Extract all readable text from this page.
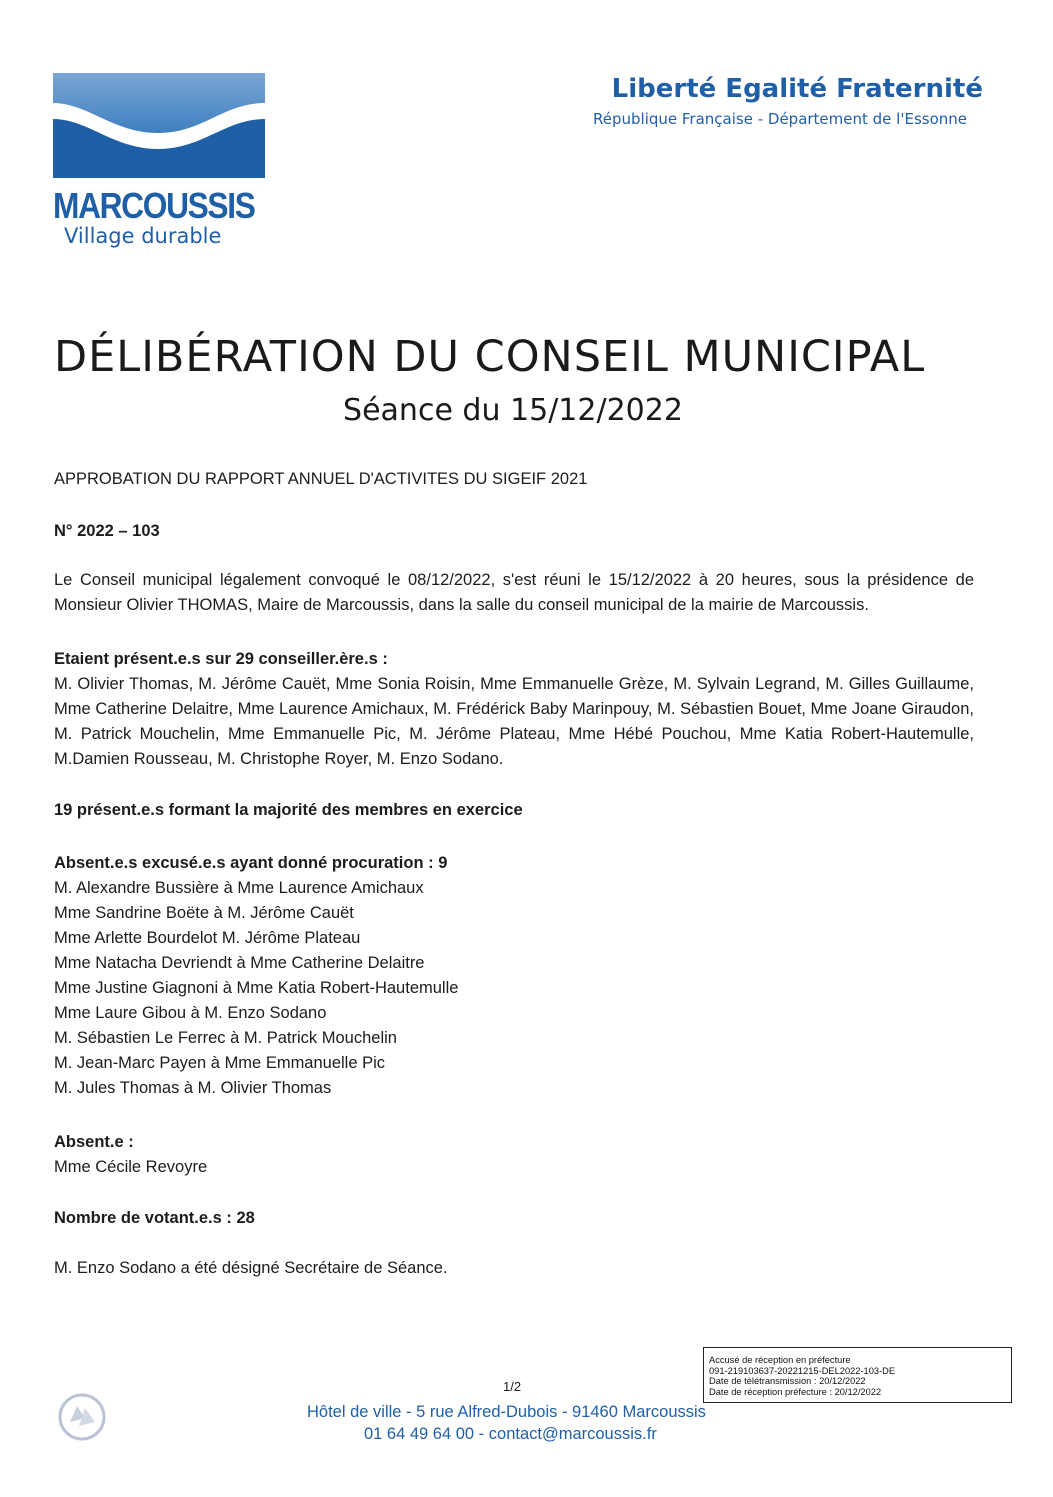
MARCOUSSIS
Village durable
Liberté Egalité Fraternité
République Française - Département de l'Essonne
DÉLIBÉRATION DU CONSEIL MUNICIPAL
Séance du 15/12/2022
APPROBATION DU RAPPORT ANNUEL D'ACTIVITES DU SIGEIF 2021
N° 2022 – 103
Le Conseil municipal légalement convoqué le 08/12/2022, s'est réuni le 15/12/2022 à 20 heures, sous la présidence de Monsieur Olivier THOMAS, Maire de Marcoussis, dans la salle du conseil municipal de la mairie de Marcoussis.
Etaient présent.e.s sur 29 conseiller.ère.s :
M. Olivier Thomas, M. Jérôme Cauët, Mme Sonia Roisin, Mme Emmanuelle Grèze, M. Sylvain Legrand, M. Gilles Guillaume, Mme Catherine Delaitre, Mme Laurence Amichaux, M. Frédérick Baby Marinpouy, M. Sébastien Bouet, Mme Joane Giraudon, M. Patrick Mouchelin, Mme Emmanuelle Pic, M. Jérôme Plateau, Mme Hébé Pouchou, Mme Katia Robert-Hautemulle, M.Damien Rousseau, M. Christophe Royer, M. Enzo Sodano.
19 présent.e.s formant la majorité des membres en exercice
Absent.e.s excusé.e.s ayant donné procuration : 9
M. Alexandre Bussière à Mme Laurence Amichaux
Mme Sandrine Boëte à M. Jérôme Cauët
Mme Arlette Bourdelot M. Jérôme Plateau
Mme Natacha Devriendt à Mme Catherine Delaitre
Mme Justine Giagnoni à Mme Katia Robert-Hautemulle
Mme Laure Gibou à M. Enzo Sodano
M. Sébastien Le Ferrec à M. Patrick Mouchelin
M. Jean-Marc Payen à Mme Emmanuelle Pic
M. Jules Thomas à M. Olivier Thomas
Absent.e :
Mme Cécile Revoyre
Nombre de votant.e.s : 28
M. Enzo Sodano a été désigné Secrétaire de Séance.
1/2
Hôtel de ville - 5 rue Alfred-Dubois - 91460 Marcoussis
01 64 49 64 00 - contact@marcoussis.fr
Accusé de réception en préfecture
091-219103637-20221215-DEL2022-103-DE
Date de télétransmission : 20/12/2022
Date de réception préfecture : 20/12/2022
